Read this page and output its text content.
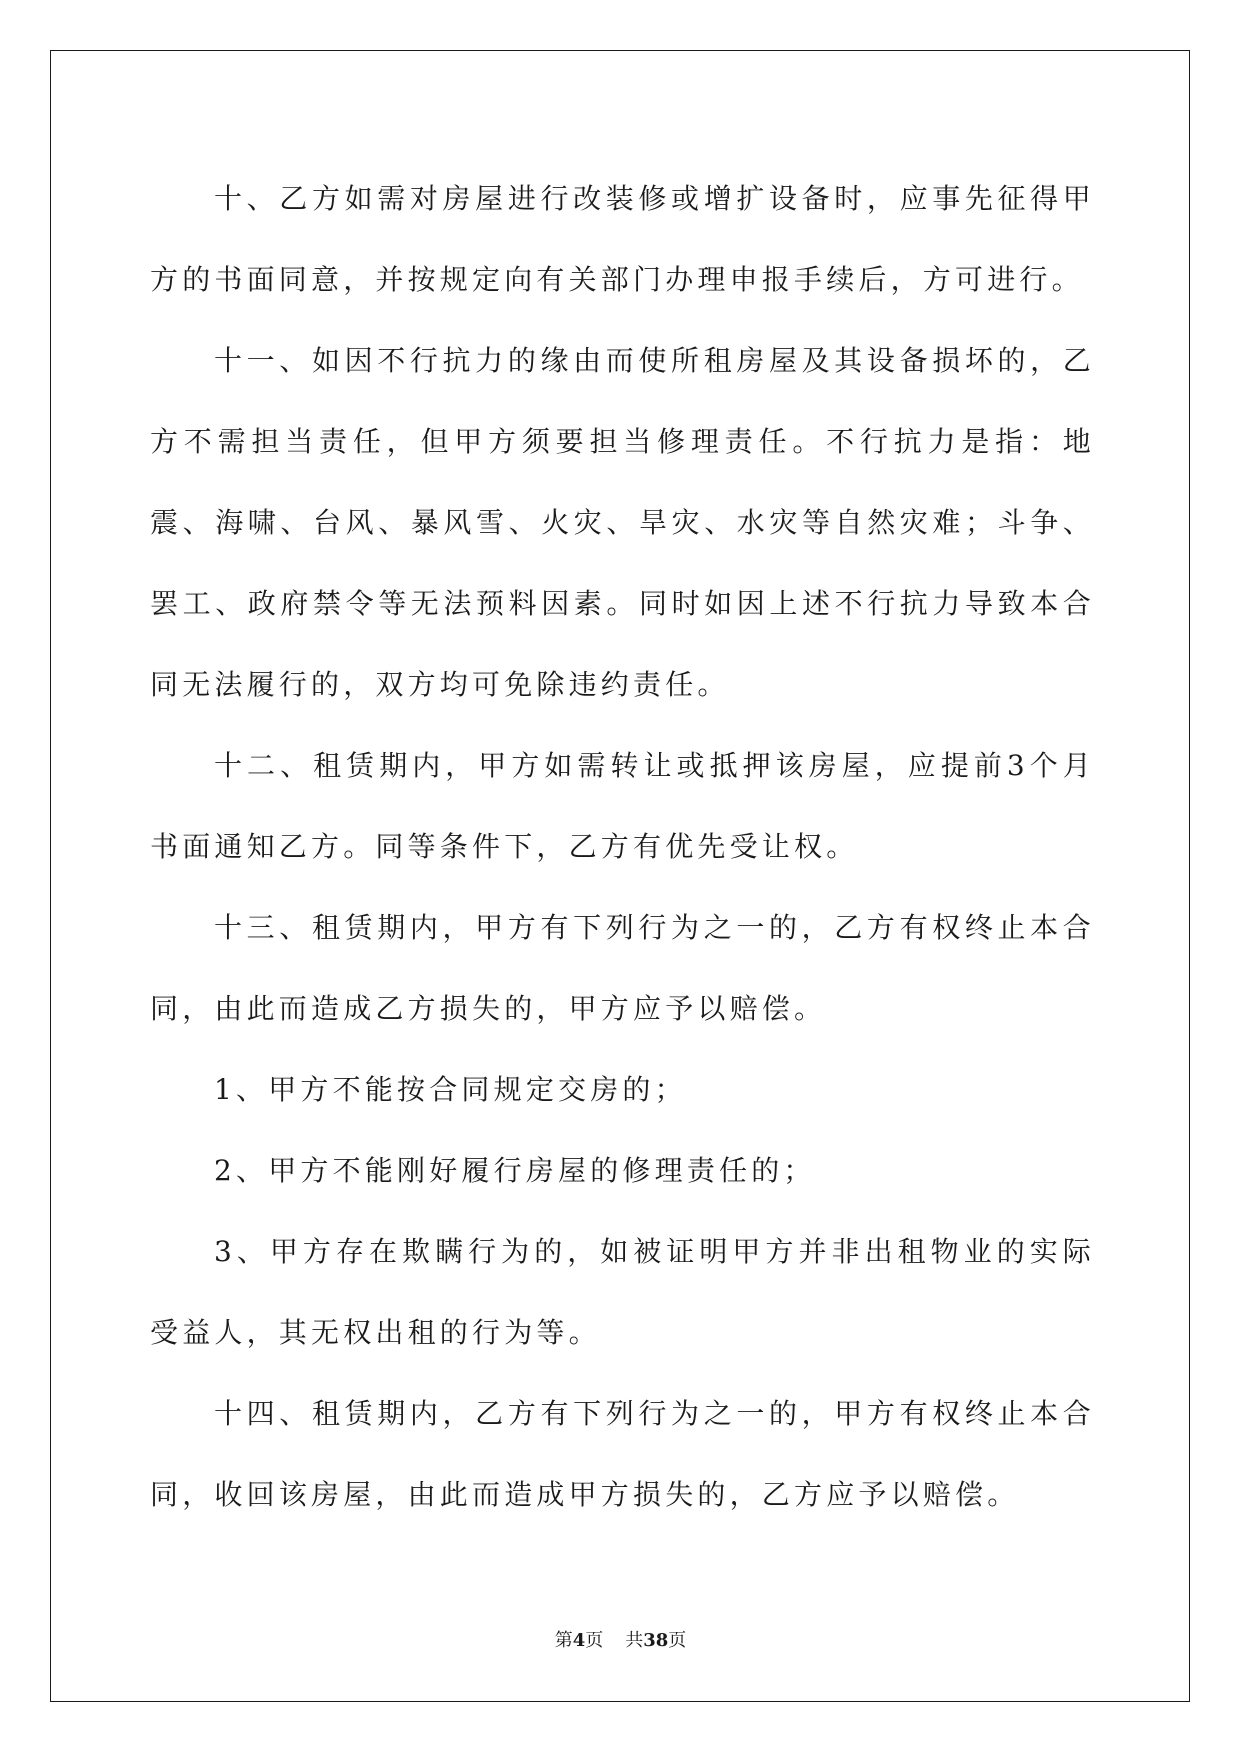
十、乙方如需对房屋进行改装修或增扩设备时，应事先征得甲方的书面同意，并按规定向有关部门办理申报手续后，方可进行。

十一、如因不行抗力的缘由而使所租房屋及其设备损坏的，乙方不需担当责任，但甲方须要担当修理责任。不行抗力是指：地震、海啸、台风、暴风雪、火灾、旱灾、水灾等自然灾难；斗争、罢工、政府禁令等无法预料因素。同时如因上述不行抗力导致本合同无法履行的，双方均可免除违约责任。

十二、租赁期内，甲方如需转让或抵押该房屋，应提前3个月书面通知乙方。同等条件下，乙方有优先受让权。

十三、租赁期内，甲方有下列行为之一的，乙方有权终止本合同，由此而造成乙方损失的，甲方应予以赔偿。

1、甲方不能按合同规定交房的；

2、甲方不能刚好履行房屋的修理责任的；

3、甲方存在欺瞒行为的，如被证明甲方并非出租物业的实际受益人，其无权出租的行为等。

十四、租赁期内，乙方有下列行为之一的，甲方有权终止本合同，收回该房屋，由此而造成甲方损失的，乙方应予以赔偿。

第4页 共38页
